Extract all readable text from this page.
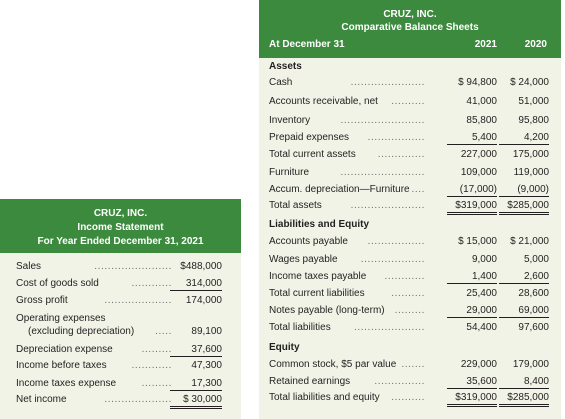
CRUZ, INC.
Comparative Balance Sheets
At December 31	2021	2020
Assets
Cash	......................	$ 94,800	$ 24,000
Accounts receivable, net	..........	41,000	51,000
Inventory	.........................	85,800	95,800
Prepaid expenses	.................	5,400	4,200
Total current assets	..............	227,000	175,000
Furniture	.........................	109,000	119,000
Accum. depreciation—Furniture ....	(17,000)	(9,000)
Total assets	......................	$319,000	$285,000
Liabilities and Equity
Accounts payable	.................	$ 15,000	$ 21,000
Wages payable	...................	9,000	5,000
Income taxes payable	............	1,400	2,600
Total current liabilities	..........	25,400	28,600
Notes payable (long-term) .........	29,000	69,000
Total liabilities	.....................	54,400	97,600
Equity
Common stock, $5 par value .......	229,000	179,000
Retained earnings	...............	35,600	8,400
Total liabilities and equity	..........	$319,000	$285,000
CRUZ, INC.
Income Statement
For Year Ended December 31, 2021
Sales	....................... $488,000
Cost of goods sold	............	314,000
Gross profit	....................	174,000
Operating expenses
(excluding depreciation)	.....	89,100
Depreciation expense	.........	37,600
Income before taxes	............	47,300
Income taxes expense	.........	17,300
Net income	....................	$ 30,000
